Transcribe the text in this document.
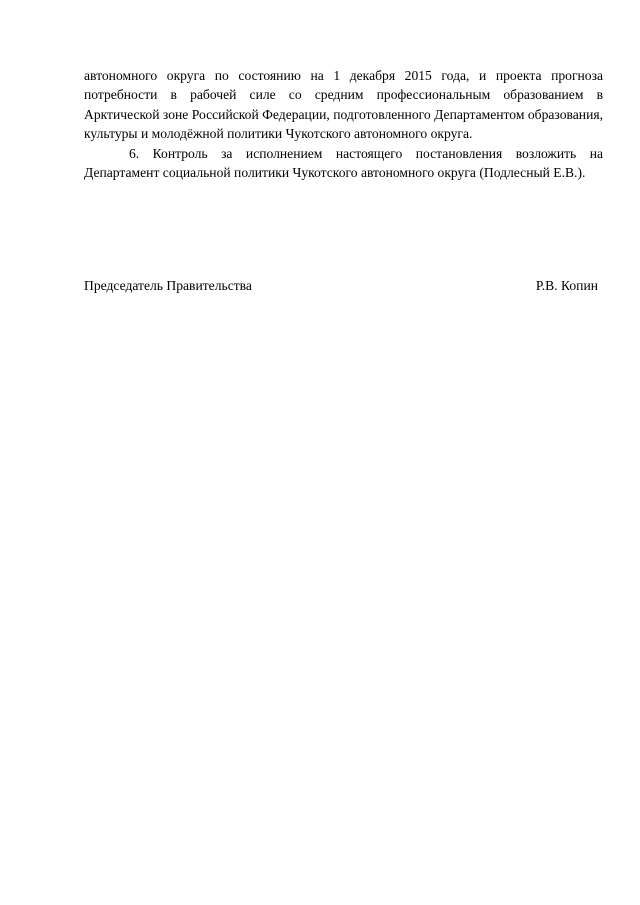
автономного округа по состоянию на 1 декабря 2015 года, и проекта прогноза потребности в рабочей силе со средним профессиональным образованием в Арктической зоне Российской Федерации, подготовленного Департаментом образования, культуры и молодёжной политики Чукотского автономного округа.

6. Контроль за исполнением настоящего постановления возложить на Департамент социальной политики Чукотского автономного округа (Подлесный Е.В.).

Председатель Правительства	Р.В. Копин
